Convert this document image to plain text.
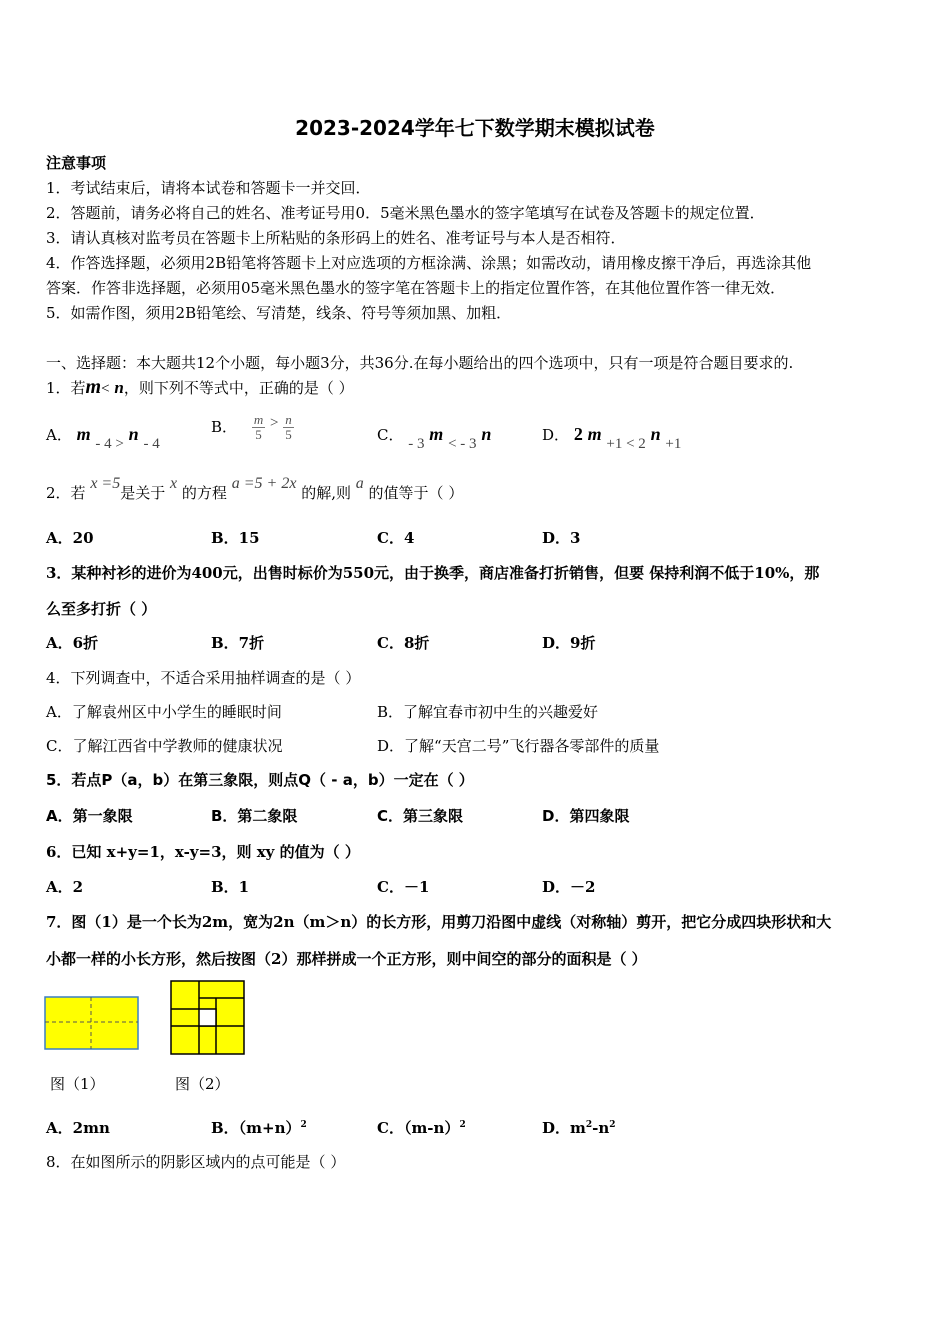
2023-2024学年七下数学期末模拟试卷
注意事项
1．考试结束后，请将本试卷和答题卡一并交回．
2．答题前，请务必将自己的姓名、准考证号用0．5毫米黑色墨水的签字笔填写在试卷及答题卡的规定位置．
3．请认真核对监考员在答题卡上所粘贴的条形码上的姓名、准考证号与本人是否相符．
4．作答选择题，必须用2B铅笔将答题卡上对应选项的方框涂满、涂黑；如需改动，请用橡皮擦干净后，再选涂其他
答案．作答非选择题，必须用05毫米黑色墨水的签字笔在答题卡上的指定位置作答，在其他位置作答一律无效．
5．如需作图，须用2B铅笔绘、写清楚，线条、符号等须加黑、加粗．
一、选择题：本大题共12个小题，每小题3分，共36分.在每小题给出的四个选项中，只有一项是符合题目要求的.
1．若m< n，则下列不等式中，正确的是（ ）
A． m - 4 > n - 4
B． $\frac{m}{5} > \frac{n}{5}$	C． - 3 m < - 3 n	D． 2 m +1 < 2 n +1
2．若 x =5是关于 x 的方程 a =5 + 2x 的解,则 a 的值等于（ ）
A．20	B．15	C．4	D．3
3．某种衬衫的进价为400元，出售时标价为550元，由于换季，商店准备打折销售，但要 保持利润不低于10%，那
么至多打折（ ）
A．6折	B．7折	C．8折	D．9折
4．下列调查中，不适合采用抽样调查的是（ ）
A．了解袁州区中小学生的睡眠时间	B．了解宜春市初中生的兴趣爱好
C．了解江西省中学教师的健康状况	D．了解“天宫二号”飞行器各零部件的质量
5．若点P（a，b）在第三象限，则点Q（ - a，b）一定在（ ）
A．第一象限	B．第二象限	C．第三象限	D．第四象限
6．已知 x+y=1，x-y=3，则 xy 的值为（ ）
A．2	B．1	C．－1	D．－2
7．图（1）是一个长为2m，宽为2n（m＞n）的长方形，用剪刀沿图中虚线（对称轴）剪开，把它分成四块形状和大
小都一样的小长方形，然后按图（2）那样拼成一个正方形，则中间空的部分的面积是（ ）
图（1）	图（2）
A．2mn	B．$(m+n)^2$	C．$(m-n)^2$	D．$m^2-n^2$
8．在如图所示的阴影区域内的点可能是（ ）
